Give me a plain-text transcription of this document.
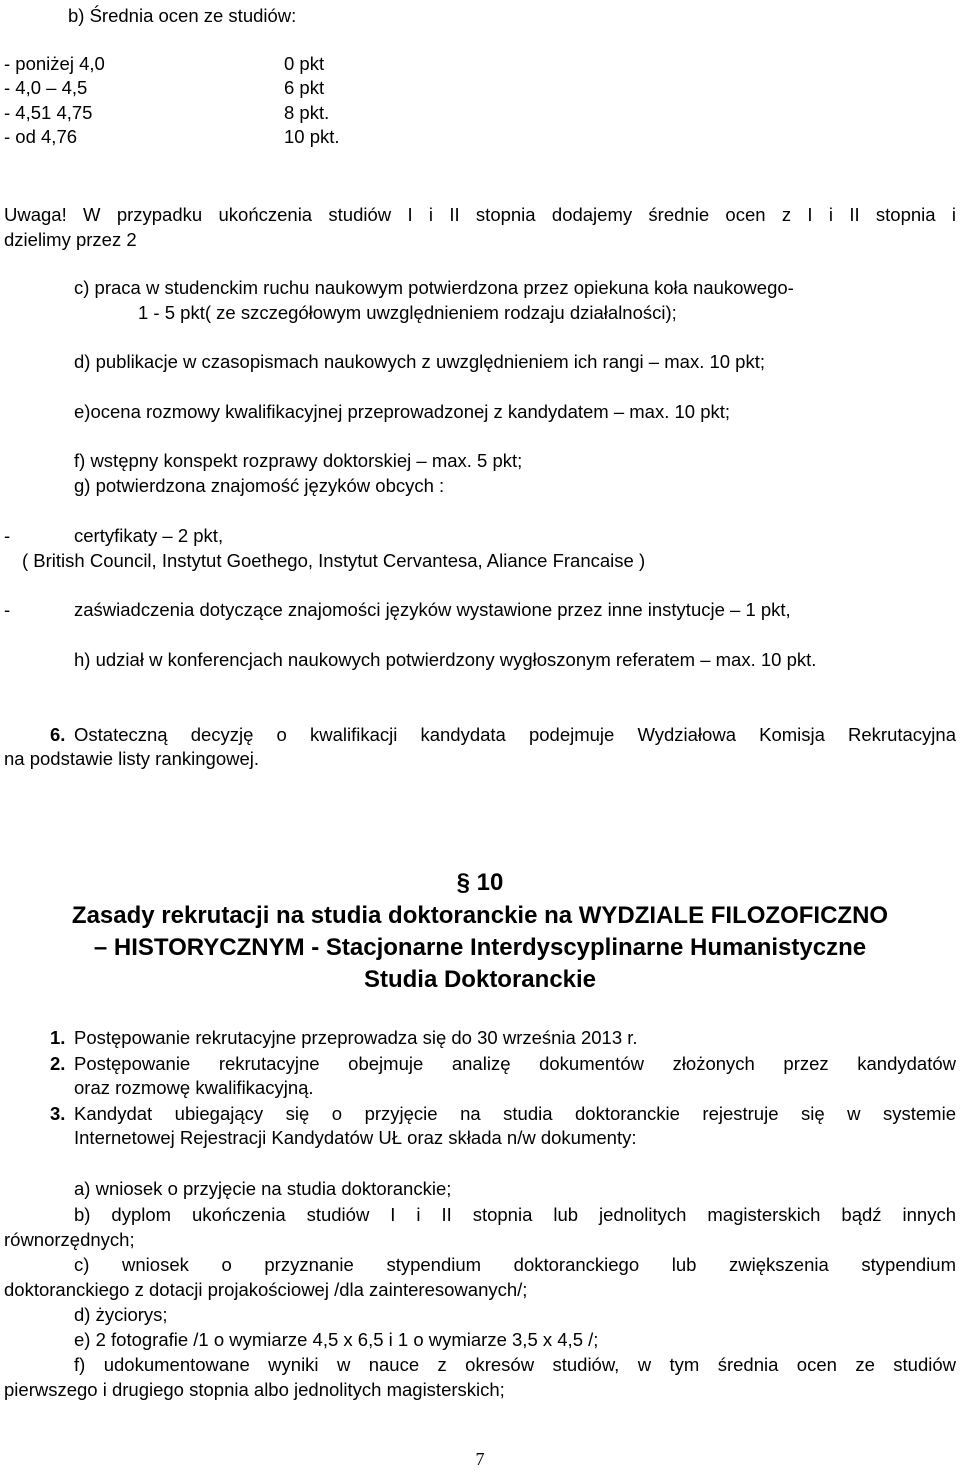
b) Średnia ocen ze studiów:
- poniżej 4,0	0 pkt
- 4,0 – 4,5	6 pkt
- 4,51 4,75	8 pkt.
- od 4,76	10 pkt.
Uwaga! W przypadku ukończenia studiów I i II stopnia dodajemy średnie ocen z I i II stopnia i
dzielimy przez 2
c) praca w studenckim ruchu naukowym potwierdzona przez opiekuna koła naukowego-
1 - 5 pkt( ze szczegółowym uwzględnieniem rodzaju działalności);
d) publikacje w czasopismach naukowych z uwzględnieniem ich rangi – max. 10 pkt;
e)ocena rozmowy kwalifikacyjnej przeprowadzonej z kandydatem – max. 10 pkt;
f) wstępny konspekt rozprawy doktorskiej – max. 5 pkt;
g) potwierdzona znajomość języków obcych :
-	certyfikaty – 2 pkt,
( British Council, Instytut Goethego, Instytut Cervantesa, Aliance Francaise )
-	zaświadczenia dotyczące znajomości języków wystawione przez inne instytucje – 1 pkt,
h) udział w konferencjach naukowych potwierdzony wygłoszonym referatem – max. 10 pkt.
6. Ostateczną decyzję o kwalifikacji kandydata podejmuje Wydziałowa Komisja Rekrutacyjna
na podstawie listy rankingowej.
§ 10
Zasady rekrutacji na studia doktoranckie na WYDZIALE FILOZOFICZNO
– HISTORYCZNYM - Stacjonarne Interdyscyplinarne Humanistyczne
Studia Doktoranckie
1. Postępowanie rekrutacyjne przeprowadza się do 30 września 2013 r.
2. Postępowanie rekrutacyjne obejmuje analizę dokumentów złożonych przez kandydatów
oraz rozmowę kwalifikacyjną.
3. Kandydat ubiegający się o przyjęcie na studia doktoranckie rejestruje się w systemie
Internetowej Rejestracji Kandydatów UŁ oraz składa n/w dokumenty:
a) wniosek o przyjęcie na studia doktoranckie;
b) dyplom ukończenia studiów I i II stopnia lub jednolitych magisterskich bądź innych
równorzędnych;
c) wniosek o przyznanie stypendium doktoranckiego lub zwiększenia stypendium
doktoranckiego z dotacji projakościowej /dla zainteresowanych/;
d) życiorys;
e) 2 fotografie /1 o wymiarze 4,5 x 6,5 i 1 o wymiarze 3,5 x 4,5 /;
f) udokumentowane wyniki w nauce z okresów studiów, w tym średnia ocen ze studiów
pierwszego i drugiego stopnia albo jednolitych magisterskich;
7
